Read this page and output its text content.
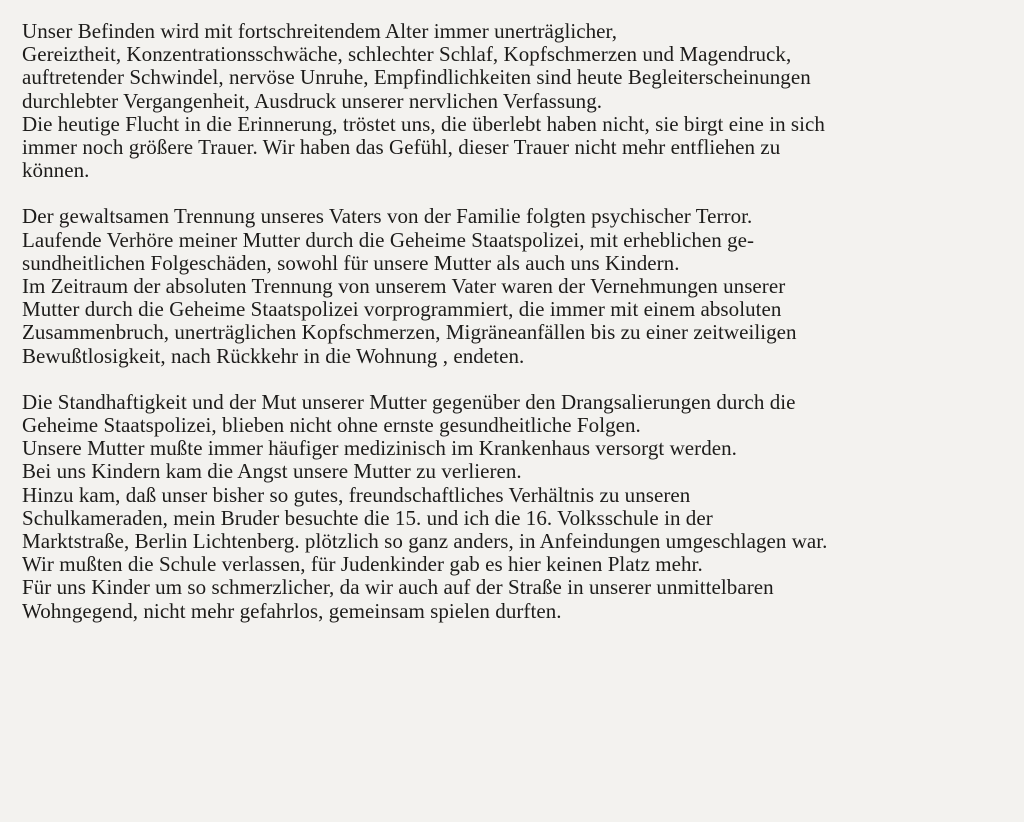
Unser Befinden wird mit fortschreitendem Alter immer unerträglicher,
Gereiztheit, Konzentrationsschwäche, schlechter Schlaf, Kopfschmerzen und Magendruck,
auftretender Schwindel, nervöse Unruhe, Empfindlichkeiten sind heute Begleiterscheinungen
durchlebter Vergangenheit, Ausdruck unserer nervlichen Verfassung.
Die heutige Flucht in die Erinnerung, tröstet uns, die überlebt haben nicht, sie birgt eine in sich
immer noch größere Trauer. Wir haben das Gefühl, dieser Trauer nicht mehr entfliehen zu
können.
Der gewaltsamen Trennung unseres Vaters von der Familie folgten psychischer Terror.
Laufende Verhöre meiner Mutter durch die Geheime Staatspolizei, mit erheblichen ge-
sundheitlichen Folgeschäden, sowohl für unsere Mutter als auch uns Kindern.
Im Zeitraum der absoluten Trennung von unserem Vater waren der Vernehmungen unserer
Mutter durch die Geheime Staatspolizei vorprogrammiert, die immer mit einem absoluten
Zusammenbruch, unerträglichen Kopfschmerzen, Migräneanfällen bis zu einer zeitweiligen
Bewußtlosigkeit, nach Rückkehr in die Wohnung , endeten.
Die Standhaftigkeit und der Mut unserer Mutter gegenüber den Drangsalierungen durch die
Geheime Staatspolizei, blieben nicht ohne ernste gesundheitliche Folgen.
Unsere Mutter mußte immer häufiger medizinisch im Krankenhaus versorgt werden.
Bei uns Kindern kam die Angst unsere Mutter zu verlieren.
Hinzu kam, daß unser bisher so gutes, freundschaftliches Verhältnis zu unseren
Schulkameraden, mein Bruder besuchte die 15. und ich die 16. Volksschule in der
Marktstraße, Berlin Lichtenberg. plötzlich so ganz anders, in Anfeindungen umgeschlagen war.
Wir mußten die Schule verlassen, für Judenkinder gab es hier keinen Platz mehr.
Für uns Kinder um so schmerzlicher, da wir auch auf der Straße in unserer unmittelbaren
Wohngegend, nicht mehr gefahrlos, gemeinsam spielen durften.
